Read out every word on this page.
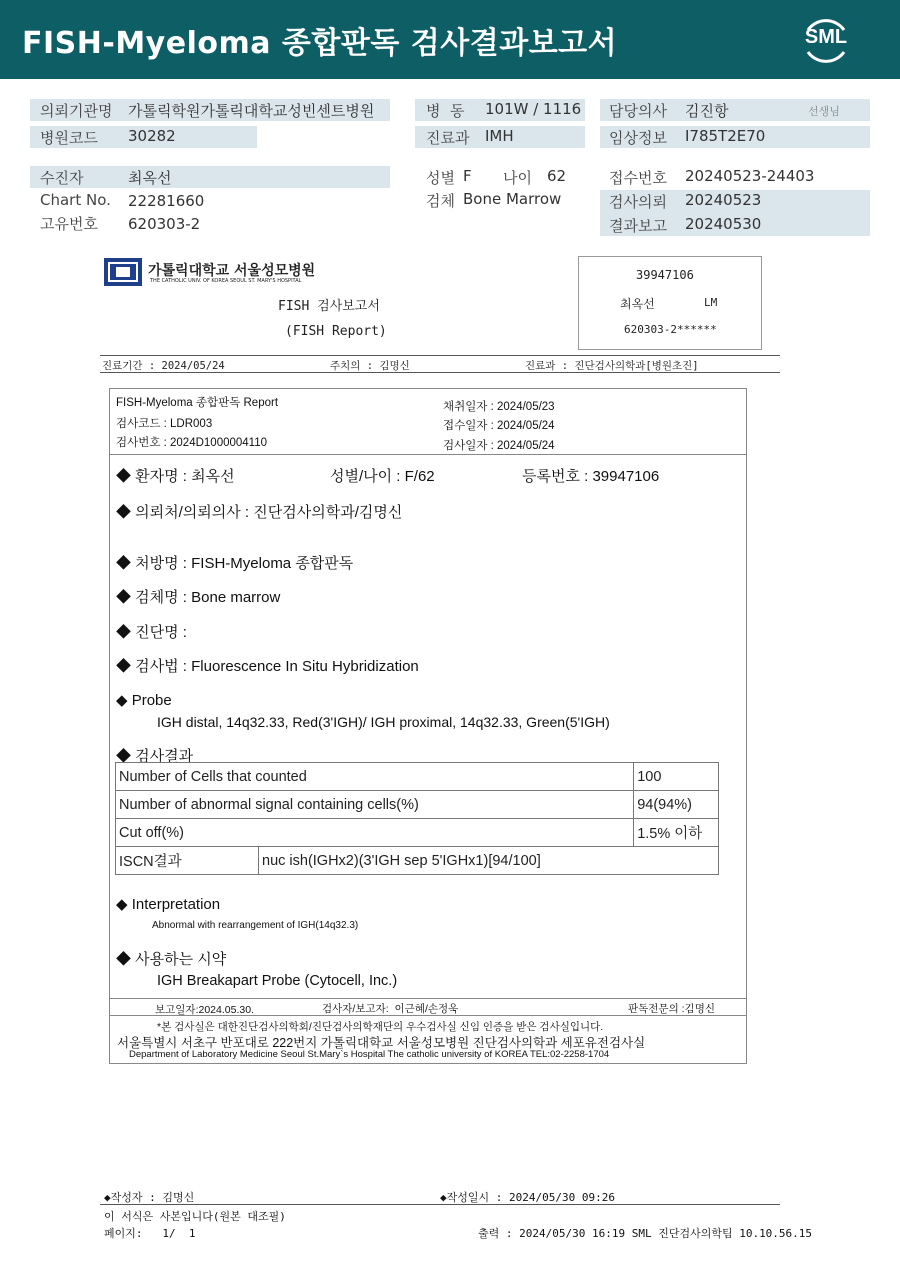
FISH-Myeloma 종합판독 검사결과보고서	SML
의뢰기관명 가톨릭학원가톨릭대학교성빈센트병원
병원코드 30282
병  동 101W / 1116
진료과 IMH
담당의사 김진항	선생님
임상정보 I785T2E70
수진자	최옥선
Chart No. 22281660
고유번호 620303-2
성별 F 나이 62
검체 Bone Marrow
접수번호 20240523-24403
검사의뢰 20240523
결과보고 20240530
가톨릭대학교 서울성모병원
THE CATHOLIC UNIV. OF KOREA SEOUL ST. MARY'S HOSPITAL
FISH 검사보고서
(FISH Report)
39947106
최옥선	LM
620303-2******
진료기간 : 2024/05/24	주치의 : 김명신	진료과 : 진단검사의학과[병원초진]
FISH-Myeloma 종합판독 Report
검사코드 : LDR003
검사번호 : 2024D1000004110
채취일자 : 2024/05/23
접수일자 : 2024/05/24
검사일자 : 2024/05/24
◆ 환자명 : 최옥선	성별/나이 : F/62	등록번호 : 39947106
◆ 의뢰처/의뢰의사 : 진단검사의학과/김명신
◆ 처방명 : FISH-Myeloma 종합판독
◆ 검체명 : Bone marrow
◆ 진단명 :
◆ 검사법 : Fluorescence In Situ Hybridization
◆ Probe
IGH distal, 14q32.33, Red(3'IGH)/ IGH proximal, 14q32.33, Green(5'IGH)
◆ 검사결과
Number of Cells that counted		100
Number of abnormal signal containing cells(%)		94(94%)
Cut off(%)		1.5% 이하
ISCN결과	nuc ish(IGHx2)(3'IGH sep 5'IGHx1)[94/100]	
◆ Interpretation
Abnormal with rearrangement of IGH(14q32.3)
◆ 사용하는 시약
IGH Breakapart Probe (Cytocell, Inc.)
보고일자:2024.05.30.	검사자/보고자:  이근혜/손정욱	판독전문의 :김명신
*본 검사실은 대한진단검사의학회/진단검사의학재단의 우수검사실 신임 인증을 받은 검사실입니다.
서울특별시 서초구 반포대로 222번지 가톨릭대학교 서울성모병원 진단검사의학과 세포유전검사실
Department of Laboratory Medicine Seoul St.Mary`s Hospital The catholic university of KOREA TEL:02-2258-1704
◆작성자 : 김명신	◆작성일시 : 2024/05/30 09:26
이 서식은 사본입니다(원본 대조필)
페이지:   1/  1	출력 : 2024/05/30 16:19 SML 진단검사의학팀 10.10.56.15
